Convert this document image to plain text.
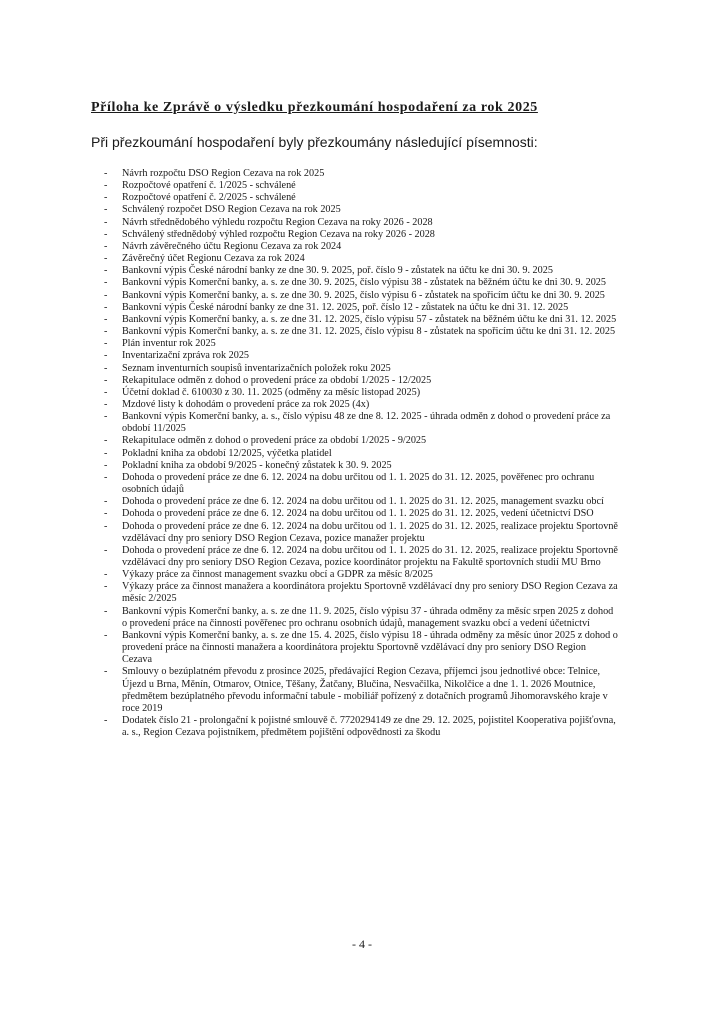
Příloha ke Zprávě o výsledku přezkoumání hospodaření za rok 2025
Při přezkoumání hospodaření byly přezkoumány následující písemnosti:
- Návrh rozpočtu DSO Region Cezava na rok 2025
- Rozpočtové opatření č. 1/2025 - schválené
- Rozpočtové opatření č. 2/2025 - schválené
- Schválený rozpočet DSO Region Cezava na rok 2025
- Návrh střednědobého výhledu rozpočtu Region Cezava na roky 2026 - 2028
- Schválený střednědobý výhled rozpočtu Region Cezava na roky 2026 - 2028
- Návrh závěrečného účtu Regionu Cezava za rok 2024
- Závěrečný účet Regionu Cezava za rok 2024
- Bankovní výpis České národní banky ze dne 30. 9. 2025, poř. číslo 9 - zůstatek na účtu ke dni 30. 9. 2025
- Bankovní výpis Komerční banky, a. s. ze dne 30. 9. 2025, číslo výpisu 38 - zůstatek na běžném účtu ke dni 30. 9. 2025
- Bankovní výpis Komerční banky, a. s. ze dne 30. 9. 2025, číslo výpisu 6 - zůstatek na spořicím účtu ke dni 30. 9. 2025
- Bankovní výpis České národní banky ze dne 31. 12. 2025, poř. číslo 12 - zůstatek na účtu ke dni 31. 12. 2025
- Bankovní výpis Komerční banky, a. s. ze dne 31. 12. 2025, číslo výpisu 57 - zůstatek na běžném účtu ke dni 31. 12. 2025
- Bankovní výpis Komerční banky, a. s. ze dne 31. 12. 2025, číslo výpisu 8 - zůstatek na spořicím účtu ke dni 31. 12. 2025
- Plán inventur rok 2025
- Inventarizační zpráva rok 2025
- Seznam inventurních soupisů inventarizačních položek roku 2025
- Rekapitulace odměn z dohod o provedení práce za období 1/2025 - 12/2025
- Účetní doklad č. 610030 z 30. 11. 2025 (odměny za měsíc listopad 2025)
- Mzdové listy k dohodám o provedení práce za rok 2025 (4x)
- Bankovní výpis Komerční banky, a. s., číslo výpisu 48 ze dne 8. 12. 2025 - úhrada odměn z dohod o provedení práce za období 11/2025
- Rekapitulace odměn z dohod o provedení práce za období 1/2025 - 9/2025
- Pokladní kniha za období 12/2025, výčetka platidel
- Pokladní kniha za období 9/2025 - konečný zůstatek k 30. 9. 2025
- Dohoda o provedení práce ze dne 6. 12. 2024 na dobu určitou od 1. 1. 2025 do 31. 12. 2025, pověřenec pro ochranu osobních údajů
- Dohoda o provedení práce ze dne 6. 12. 2024 na dobu určitou od 1. 1. 2025 do 31. 12. 2025, management svazku obcí
- Dohoda o provedení práce ze dne 6. 12. 2024 na dobu určitou od 1. 1. 2025 do 31. 12. 2025, vedení účetnictví DSO
- Dohoda o provedení práce ze dne 6. 12. 2024 na dobu určitou od 1. 1. 2025 do 31. 12. 2025, realizace projektu Sportovně vzdělávací dny pro seniory DSO Region Cezava, pozice manažer projektu
- Dohoda o provedení práce ze dne 6. 12. 2024 na dobu určitou od 1. 1. 2025 do 31. 12. 2025, realizace projektu Sportovně vzdělávací dny pro seniory DSO Region Cezava, pozice koordinátor projektu na Fakultě sportovních studií MU Brno
- Výkazy práce za činnost management svazku obcí a GDPR za měsíc 8/2025
- Výkazy práce za činnost manažera a koordinátora projektu Sportovně vzdělávací dny pro seniory DSO Region Cezava za měsíc 2/2025
- Bankovní výpis Komerční banky, a. s. ze dne 11. 9. 2025, číslo výpisu 37 - úhrada odměny za měsíc srpen 2025 z dohod o provedení práce na činnosti pověřenec pro ochranu osobních údajů, management svazku obcí a vedení účetnictví
- Bankovní výpis Komerční banky, a. s. ze dne 15. 4. 2025, číslo výpisu 18 - úhrada odměny za měsíc únor 2025 z dohod o provedení práce na činnosti manažera a koordinátora projektu Sportovně vzdělávací dny pro seniory DSO Region Cezava
- Smlouvy o bezúplatném převodu z prosince 2025, předávající Region Cezava, příjemci jsou jednotlivé obce: Telnice, Újezd u Brna, Měnín, Otmarov, Otnice, Těšany, Žatčany, Blučina, Nesvačilka, Nikolčice a dne 1. 1. 2026 Moutnice, předmětem bezúplatného převodu informační tabule - mobiliář pořízený z dotačních programů Jihomoravského kraje v roce 2019
- Dodatek číslo 21 - prolongační k pojistné smlouvě č. 7720294149 ze dne 29. 12. 2025, pojistitel Kooperativa pojišťovna, a. s., Region Cezava pojistníkem, předmětem pojištění odpovědnosti za škodu
- 4 -
